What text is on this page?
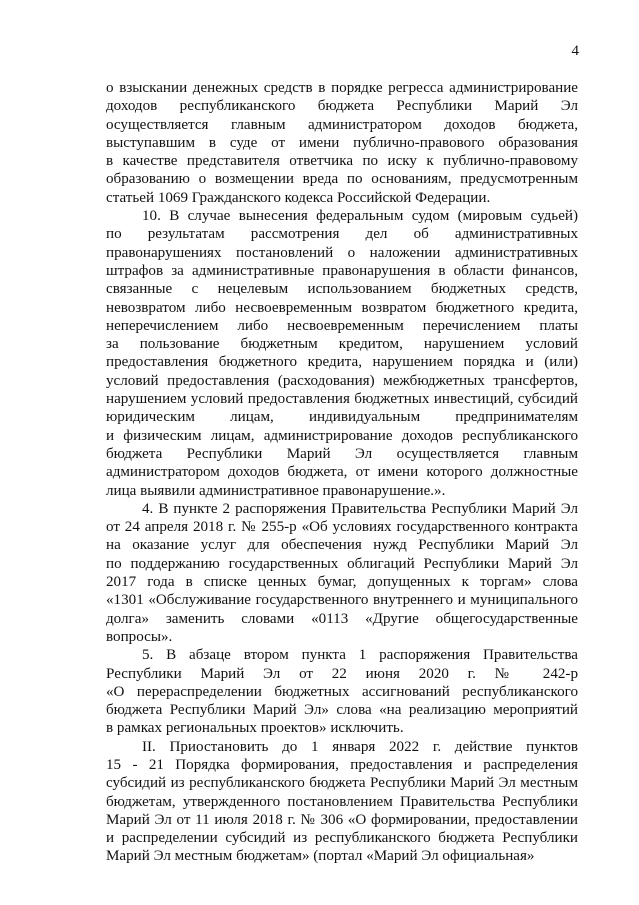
4
о взыскании денежных средств в порядке регресса администрирование
доходов республиканского бюджета Республики Марий Эл
осуществляется главным администратором доходов бюджета,
выступавшим в суде от имени публично-правового образования
в качестве представителя ответчика по иску к публично-правовому
образованию о возмещении вреда по основаниям, предусмотренным
статьей 1069 Гражданского кодекса Российской Федерации.
10. В случае вынесения федеральным судом (мировым судьей)
по результатам рассмотрения дел об административных
правонарушениях постановлений о наложении административных
штрафов за административные правонарушения в области финансов,
связанные с нецелевым использованием бюджетных средств,
невозвратом либо несвоевременным возвратом бюджетного кредита,
неперечислением либо несвоевременным перечислением платы
за пользование бюджетным кредитом, нарушением условий
предоставления бюджетного кредита, нарушением порядка и (или)
условий предоставления (расходования) межбюджетных трансфертов,
нарушением условий предоставления бюджетных инвестиций, субсидий
юридическим лицам, индивидуальным предпринимателям
и физическим лицам, администрирование доходов республиканского
бюджета Республики Марий Эл осуществляется главным
администратором доходов бюджета, от имени которого должностные
лица выявили административное правонарушение.».
4. В пункте 2 распоряжения Правительства Республики Марий Эл
от 24 апреля 2018 г. № 255-р «Об условиях государственного контракта
на оказание услуг для обеспечения нужд Республики Марий Эл
по поддержанию государственных облигаций Республики Марий Эл
2017 года в списке ценных бумаг, допущенных к торгам» слова
«1301 «Обслуживание государственного внутреннего и муниципального
долга» заменить словами «0113 «Другие общегосударственные
вопросы».
5. В абзаце втором пункта 1 распоряжения Правительства
Республики Марий Эл от 22 июня 2020 г. № 242-р
«О перераспределении бюджетных ассигнований республиканского
бюджета Республики Марий Эл» слова «на реализацию мероприятий
в рамках региональных проектов» исключить.
II. Приостановить до 1 января 2022 г. действие пунктов
15 - 21 Порядка формирования, предоставления и распределения
субсидий из республиканского бюджета Республики Марий Эл местным
бюджетам, утвержденного постановлением Правительства Республики
Марий Эл от 11 июля 2018 г. № 306 «О формировании, предоставлении
и распределении субсидий из республиканского бюджета Республики
Марий Эл местным бюджетам» (портал «Марий Эл официальная»
